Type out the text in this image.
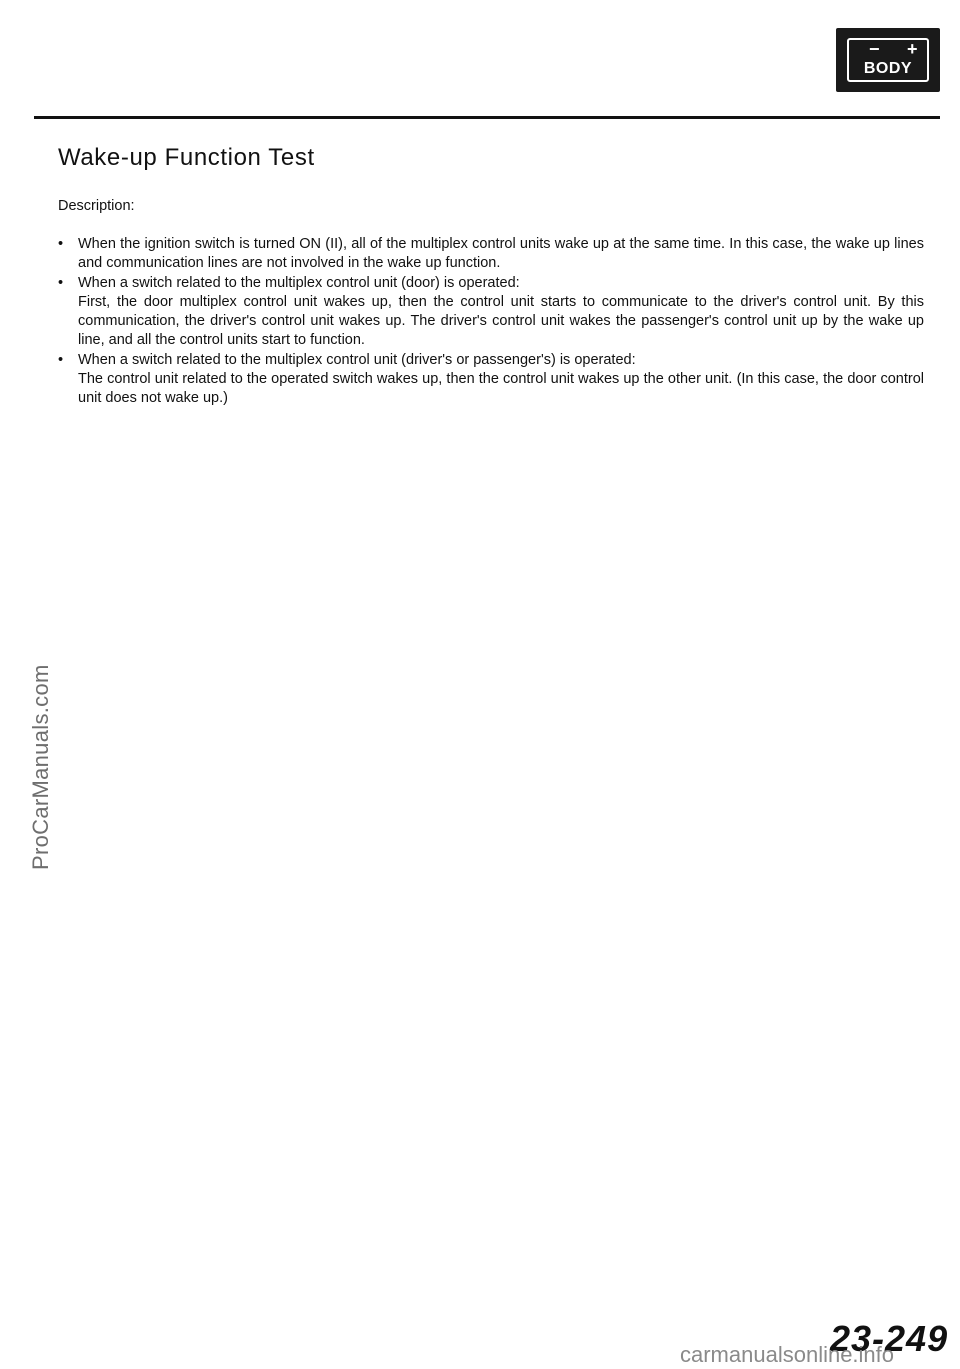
− +
BODY
Wake-up Function Test
Description:
• When the ignition switch is turned ON (II), all of the multiplex control units wake up at the same time. In this case, the wake up lines and communication lines are not involved in the wake up function.
• When a switch related to the multiplex control unit (door) is operated:
First, the door multiplex control unit wakes up, then the control unit starts to communicate to the driver's control unit. By this communication, the driver's control unit wakes up. The driver's control unit wakes the passenger's control unit up by the wake up line, and all the control units start to function.
• When a switch related to the multiplex control unit (driver's or passenger's) is operated:
The control unit related to the operated switch wakes up, then the control unit wakes up the other unit. (In this case, the door control unit does not wake up.)
ProCarManuals.com
23-249
carmanualsonline.info
